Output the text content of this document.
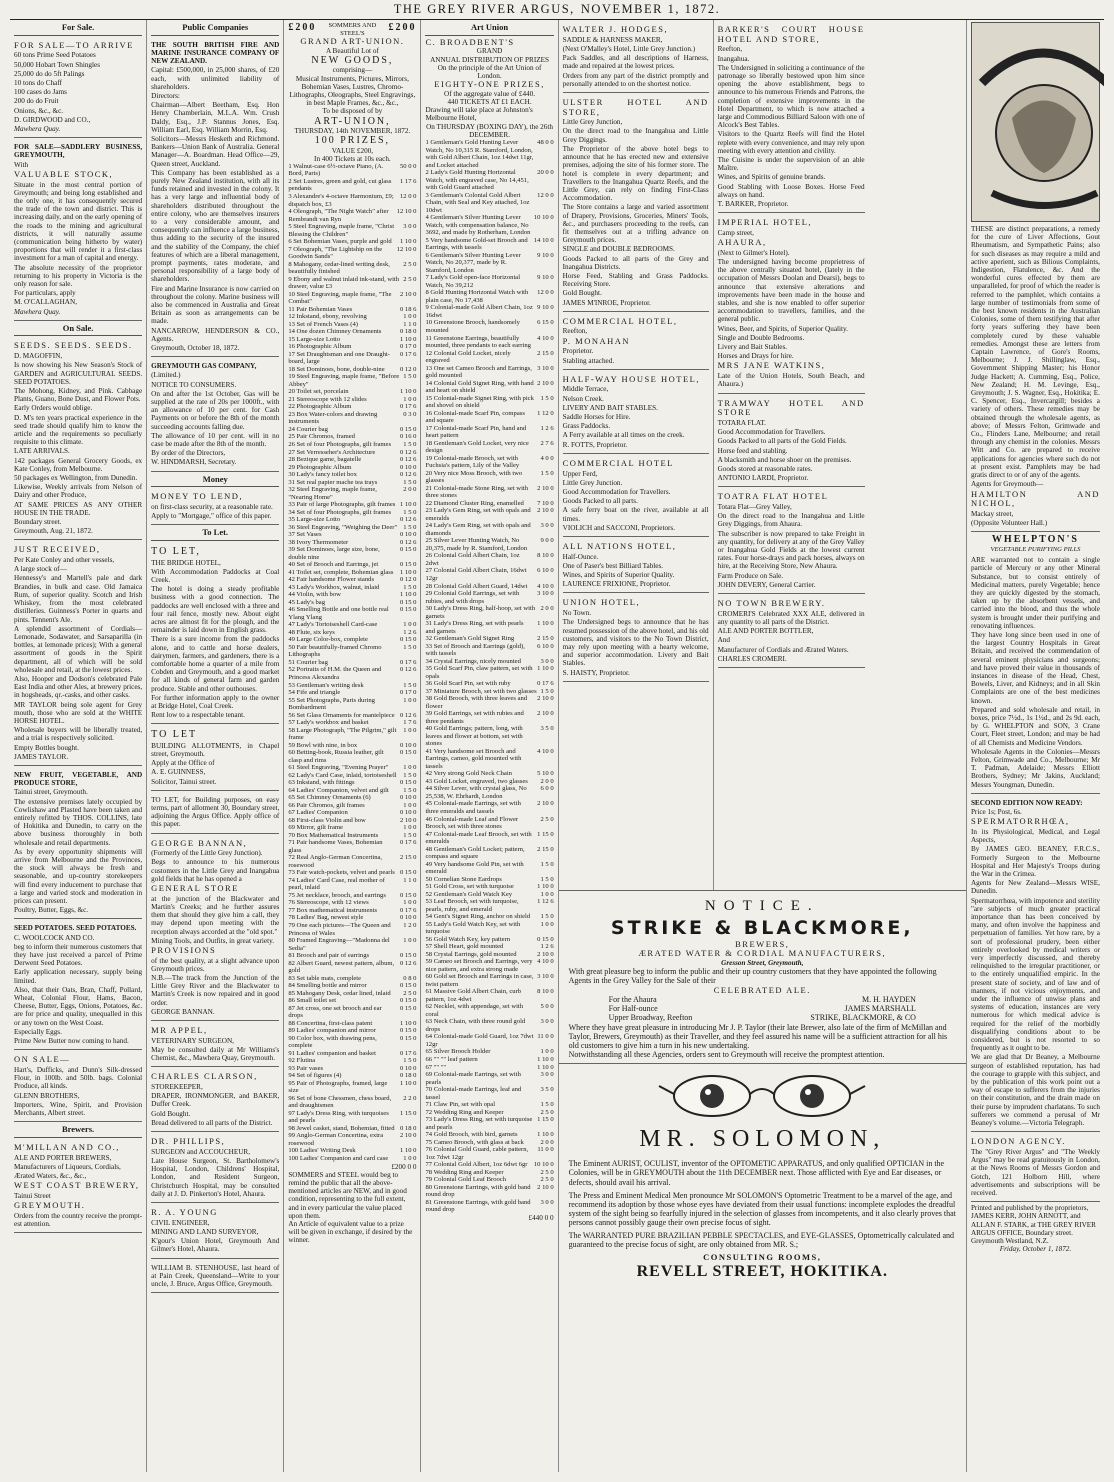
THE GREY RIVER ARGUS, NOVEMBER 1, 1872.
For Sale.

FOR SALE—TO ARRIVE

60 tons Prime Seed Potatoes

50,000 Hobart Town Shingles

25,000 do do 5ft Palings

10 tons do Chaff

100 cases do Jams

200 do do Fruit

Onions, &c., &c.

D. GIRDWOOD and CO.,

Mawhera Quay.

FOR SALE—SADDLERY BUSINESS, GREYMOUTH,

With

VALUABLE STOCK,

Situate in the most central portion of Greymouth; and being long established and the only one, it has consequently secured the trade of the town and district. This is increasing daily, and on the early opening of the roads to the mining and agricultural districts, it will naturally assume (communication being hitherto by water) proportions that will render it a first-class investment for a man of capital and energy.

The absolute necessity of the proprietor returning to his property in Victoria is the only reason for sale.

For particulars, apply

M. O'CALLAGHAN,

Mawhera Quay.

On Sale.

SEEDS. SEEDS. SEEDS.

D. MAGOFFIN,

Is now showing his New Season's Stock of GARDEN and AGRICULTURAL SEEDS. SEED POTATOES.

The Mohong, Kidney, and Pink. Cabbage Plants, Guano, Bone Dust, and Flower Pots.

Early Orders would oblige.

D. M's ten years practical experience in the seed trade should qualify him to know the article and the requirements so peculiarly requisite to this climate.

LATE ARRIVALS.

142 packages General Grocery Goods, ex Kate Conley, from Melbourne.

50 packages ex Wellington, from Dunedin.

Likewise, Weekly arrivals from Nelson of Dairy and other Produce,

AT SAME PRICES AS ANY OTHER HOUSE IN THE TRADE.

Boundary street.

Greymouth, Aug. 21, 1872.

JUST RECEIVED,

Per Kate Conley and other vessels,

A large stock of—

Hennessy's and Martell's pale and dark Brandies, in bulk and case. Old Jamaica Rum, of superior quality. Scotch and Irish Whiskey, from the most celebrated distilleries. Guinness's Porter in quarts and pints. Tennent's Ale.

A splendid assortment of Cordials—Lemonade, Sodawater, and Sarsaparilla (in bottles, at lemonade prices); With a general assortment of goods in the Spirit department, all of which will be sold wholesale and retail, at the lowest prices.

Also, Hooper and Dodson's celebrated Pale East India and other Ales, at brewery prices, in hogsheads, qr.-casks, and other casks.

MR TAYLOR being sole agent for Grey mouth, those who are sold at the WHITE HORSE HOTEL.

Wholesale buyers will be liberally treated, and a trial is respectively solicited.

Empty Bottles bought.

JAMES TAYLOR.

NEW FRUIT, VEGETABLE, AND PRODUCE STORE,

Tainui street, Greymouth.

The extensive premises lately occupied by Cowlishaw and Plasted have been taken and entirely refitted by THOS. COLLINS, late of Hokitika and Dunedin, to carry on the above business thoroughly in both wholesale and retail departments.

As by every opportunity shipments will arrive from Melbourne and the Provinces, the stock will always be fresh and seasonable, and up-country storekeepers will find every inducement to purchase that a large and varied stock and moderation in prices can present.

Poultry, Butter, Eggs, &c.

SEED POTATOES. SEED POTATOES.

C. WOOLCOCK AND CO.

beg to inform their numerous customers that they have just received a parcel of Prime Derwent Seed Potatoes.

Early application necessary, supply being limited.

Also, that their Oats, Bran, Chaff, Pollard, Wheat, Colonial Flour, Hams, Bacon, Cheese, Butter, Eggs, Onions, Potatoes, &c. are for price and quality, unequalled in this or any town on the West Coast.

Especially Eggs.

Prime New Butter now coming to hand.

ON SALE—

Hart's, Dufficks, and Dunn's Silk-dressed Flour, in 100lb. and 50lb. bags. Colonial Produce, all kinds.

GLENN BROTHERS,

Importers, Wine, Spirit, and Provision Merchants, Albert street.

Brewers.

M'MILLAN AND CO.,

ALE AND PORTER BREWERS,

Manufacturers of Liqueurs, Cordials,

Ærated Waters, &c., &c.,

WEST COAST BREWERY,

Tainui Street

GREYMOUTH.

Orders from the country receive the prompt-est attention.

Public Companies

THE SOUTH BRITISH FIRE AND MARINE INSURANCE COMPANY OF NEW ZEALAND.

Capital: £500,000, in 25,000 shares, of £20 each, with unlimited liability of shareholders.

Directors:

Chairman—Albert Beetham, Esq. Hon Henry Chamberlain, M.L.A. Wm. Crush Daldy, Esq., J.P. Stannus Jones, Esq. William Earl, Esq. William Morrin, Esq.

Solicitors—Messrs Hesketh and Richmond. Bankers—Union Bank of Australia. General Manager—A. Boardman. Head Office—29, Queen street, Auckland.

This Company has been established as a purely New Zealand institution, with all its funds retained and invested in the colony. It has a very large and influential body of shareholders distributed throughout the entire colony, who are themselves insurers to a very considerable amount, and consequently can influence a large business, thus adding to the security of the insured and the stability of the Company, the chief features of which are a liberal management, prompt payments, rates moderate, and personal responsibility of a large body of shareholders.

Fire and Marine Insurance is now carried on throughout the colony. Marine business will also be commenced in Australia and Great Britain as soon as arrangements can be made.

NANCARROW, HENDERSON & CO., Agents.

Greymouth, October 18, 1872.

GREYMOUTH GAS COMPANY,

(Limited.)

NOTICE TO CONSUMERS.

On and after the 1st October, Gas will be supplied at the rate of 20s per 1000ft., with an allowance of 10 per cent. for Cash Payments on or before the 8th of the month succeeding accounts falling due.

The allowance of 10 per cent. will in no case be made after the 8th of the month.

By order of the Directors,

W. HINDMARSH, Secretary.

Money

MONEY TO LEND,

on first-class security, at a reasonable rate.

Apply to "Mortgage," office of this paper.

To Let.

TO LET,

THE BRIDGE HOTEL,

With Accommodation Paddocks at Coal Creek.

The hotel is doing a steady profitable business with a good connection. The paddocks are well enclosed with a three and four rail fence, mostly new. About eight acres are almost fit for the plough, and the remainder is laid down in English grass.

There is a sure income from the paddocks alone, and to cattle and horse dealers, dairymen, farmers, and gardeners, there is a comfortable home a quarter of a mile from Cobden and Greymouth, and a good market for all kinds of general farm and garden produce. Stable and other outhouses.

For further information apply to the owner at Bridge Hotel, Coal Creek.

Rent low to a respectable tenant.

TO LET

BUILDING ALLOTMENTS, in Chapel street, Greymouth.

Apply at the Office of

A. E. GUINNESS,

Solicitor, Tainui street.

TO LET, for Building purposes, on easy terms, part of allotment 30, Boundary street, adjoining the Argus Office. Apply office of this paper.

GEORGE BANNAN,

(Formerly of the Little Grey Junction).

Begs to announce to his numerous customers in the Little Grey and Inangahua gold fields that he has opened a

GENERAL STORE

at the junction of the Blackwater and Martin's Creeks; and he further assures them that should they give him a call, they may depend upon meeting with the reception always accorded at the "old spot."

Mining Tools, and Outfits, in great variety.

PROVISIONS

of the best quality, at a slight advance upon Greymouth prices.

N.B.—The track from the Junction of the Little Grey River and the Blackwater to Martin's Creek is now repaired and in good order.

GEORGE BANNAN.

MR APPEL,

VETERINARY SURGEON,

May be consulted daily at Mr Williams's Chemist, &c., Mawhera Quay, Greymouth.

CHARLES CLARSON,

STOREKEEPER,

DRAPER, IRONMONGER, and BAKER, Duffer Creek.

Gold Bought.

Bread delivered to all parts of the District.

DR. PHILLIPS,

SURGEON and ACCOUCHEUR,

Late House Surgeon, St. Bartholomew's Hospital, London, Childrens' Hospital, London, and Resident Surgeon, Christchurch Hospital, may be consulted daily at J. D. Pinkerton's Hotel, Ahaura.

R. A. YOUNG

CIVIL ENGINEER,

MINING AND LAND SURVEYOR,

K'gour's Union Hotel, Greymouth And Gilmer's Hotel, Ahaura.

WILLIAM B. STENHOUSE, last heard of at Pain Creek, Queensland—Write to your uncle, J. Bruce, Argus Office, Greymouth.

£200	SOMMERS AND STEEL'S
£200

GRAND ART-UNION.

A Beautiful Lot of

NEW GOODS,

comprising—

Musical Instruments, Pictures, Mirrors, Bohemian Vases, Lustres, Chromo-Lithographs, Oleographs, Steel Engravings, in best Maple Frames, &c., &c.,

To be disposed of by

ART-UNION,

THURSDAY, 14th NOVEMBER, 1872.

100 PRIZES,

VALUE £200,

In 400 Tickets at 10s each.

1 Walnut-case 6½-octave Piano, (A. Bord, Paris)
50 0 0
2 Set Lustres, green and gold, cut glass pendants
1 17 6
3 Alexandre's 4-octave Harmonium, £9; dispatch box, £3
12 0 0
4 Oleograph, "The Night Watch" after Rembrandt van Ryn
12 10 0
5 Steel Engraving, maple frame, "Christ Blessing the Children"
3 0 0
6 Set Bohemian Vases, purple and gold	1 10 0
7 Oleograph, "The Lightship on the Goodwin Sands"
12 10 0
8 Mahogany, cedar-lined writing desk, beautifully finished
2 5 0
9 Ebony and walnut inlaid ink-stand, with drawer, value £3
2 5 0
10 Steel Engraving, maple frame, "The Combat"
2 10 0
11 Pair Bohemian Vases	0 18 6
12 Inkstand, ebony, revolving	1 0 0
13 Set of French Vases (4)	1 1 0
14 One dozen Chimney Ornaments	0 18 0
15 Large-size Lotto	1 10 0
16 Photographic Album	0 17 0
17 Set Draughtsman and one Draught-board, large
0 17 6
18 Set Dominoes, bone, double-nine	0 12 0
19 Steel Engraving, maple frame, "Before Abbey"
1 5 0
20 Toilet set, porcelain	1 10 0
21 Stereoscope with 12 slides	1 0 0
22 Photographic Album	0 17 6
23 Box Water-colors and drawing instruments
0 3 0
24 Courier bag	0 15 0
25 Pair Chromos, framed	0 16 0
26 Set of four Photographs, gilt frames	1 5 0
27 Set Verresseher's Architecture	0 12 6
28 Bezique game, bagatelle	0 12 6
29 Photographic Album	0 10 0
30 Lady's fancy toilet box	0 12 6
31 Set real papier mache tea trays	1 5 0
32 Steel Engraving, maple frame, "Nearing Home"
2 0 0
33 Pair of large Photographs, gilt frames 1 10 0
34 Set of four Photographs, gilt frames	1 5 0
35 Large-size Lotto	0 12 6
36 Steel Engraving, "Weighing the Deer" 1 5 0
37 Set Vases	0 10 0
38 Ivory Thermometer	0 12 6
39 Set Dominoes, large size, bone, double nine
0 15 0
40 Set of Brooch and Earrings, jet	0 15 0
41 Toilet set, complete, Bohemian glass 1 10 0
42 Fair handsome Flower stands	0 12 0
43 Lady's Workbox, walnut, inlaid	1 5 0
44 Violin, with bow	1 10 0
45 Lady's bag	0 15 0
46 Smelling Bottle and one bottle real Ylang Ylang
0 15 0
47 Lady's Tortoiseshell Card-case	1 0 0
48 Flute, six keys	1 2 6
49 Large Color-box, complete	0 15 0
50 Fair beautifully-framed Chromo Lithographs
1 5 0
51 Courier bag	0 17 6
52 Portraits of H.M. the Queen and Princess Alexandra
0 12 6
53 Gentleman's writing desk	1 5 0
54 Fife and triangle	0 17 0
55 Set Photographs, Paris during Bombardment
1 0 0
56 Set Glass Ornaments for mantelpiece 0 12 6
57 Lady's workbox and basket	1 7 6
58 Large Photograph, "The Pilgrim," gilt frame
1 0 0
59 Bowl with nine, in box	0 10 0
60 Betting-book, Russia leather, gilt clasp and rims
0 15 0
61 Steel Engraving, "Evening Prayer"	1 0 0
62 Lady's Card Case, inlaid, tortoiseshell	1 5 0
63 Inkstand, with fittings	0 15 0
64 Ladies' Companion, velvet and gilt	1 5 0
65 Set Chimney Ornaments (6)	0 10 0
66 Pair Chromos, gilt frames	1 0 0
67 Ladies' Companion	0 10 0
68 First-class Violin and bow	2 10 0
69 Mirror, gilt frame	1 0 0
70 Box Mathematical Instruments	1 5 0
71 Pair handsome Vases, Bohemian glass
0 17 6
72 Real Anglo-German Concertina, rosewood
2 15 0
73 Fair watch-pockets, velvet and pearls 0 15 0
74 Ladies' Card Case, real mother of pearl, inlaid
1 1 0
75 Jet necklace, brooch, and earrings	0 15 0
76 Stereoscope, with 12 views	1 0 0
77 Box mathematical instruments	0 17 6
78 Ladies' Bag, newest style	0 10 0
79 One each pictures—The Queen and Princess of Wales
1 2 0
80 Framed Engraving—"Madonna del Sedia"
1 0 0
81 Brooch and pair of earrings	0 15 0
82 Albert Guard, newest pattern, album, gold
0 12 6
83 Set table mats, complete	0 8 0
84 Smelling bottle and mirror	0 15 0
85 Mahogany Desk, cedar lined, inlaid	2 5 0
86 Small toilet set	0 15 0
87 Jet cross, one set brooch and ear drops
0 15 0
88 Concertina, first-class patent	1 10 0
89 Ladies' companion and mirror	0 15 0
90 Color box, with drawing pens, complete
0 15 0
91 Ladies' companion and basket	0 17 6
92 Flutina	1 5 0
93 Pair vases	0 10 0
94 Set of figures (4)	0 18 0
95 Pair of Photographs, framed, large size
1 10 0
96 Set of bone Chessmen, chess board, and draughtsmen
2 2 0
97 Lady's Dress Ring, with turquoises and pearls
1 15 0
98 Jewel casket, stand, Bohemian, fitted 0 18 0
99 Anglo-German Concertina, extra rosewood
2 10 0
100 Ladies' Writing Desk	1 10 0
100 Ladies' Companion and card case	1 0 0

£200 0 0

SOMMERS and STEEL would beg to remind the public that all the above-mentioned articles are NEW, and in good condition, representing to the full extent, and in every particular the value placed upon them.

An Article of equivalent value to a prize will be given in exchange, if desired by the winner.

Art Union

C. BROADBENT'S

GRAND

ANNUAL DISTRIBUTION OF PRIZES

On the principle of the Art Union of London.

EIGHTY-ONE PRIZES,

Of the aggregate value of £440.

440 TICKETS AT £1 EACH.

Drawing will take place at Johnston's Melbourne Hotel,

On THURSDAY (BOXING DAY), the 26th DECEMBER.

1 Gentleman's Gold Hunting Lever Watch, No 10,315 R. Stamford, London, with Gold Albert Chain, 1oz 14dwt 11gr, and Locket attached
48 0 0
2 Lady's Gold Hunting Horizontal Watch, with engraved case, No 14,451, with Gold Guard attached
20 0 0
3 Gentleman's Colonial Gold Albert Chain, with Seal and Key attached, 1oz 10dwt
12 0 0
4 Gentleman's Silver Hunting Lever Watch, with compensation balance, No 3692, and made by Rotherham, London
10 10 0
5 Very handsome Gold-set Brooch and Earrings, with tassels
14 10 0
6 Gentleman's Silver Hunting Lever Watch, No 20,377, made by R. Stamford, London
9 10 0
7 Lady's Gold open-face Horizontal Watch, No 39,212
9 10 0
8 Gold Hunting Horizontal Watch with plain case, No 17,438
12 0 0
9 Colonial-made Gold Albert Chain, 1oz 16dwt
9 10 0
10 Greenstone Brooch, handsomely mounted
6 15 0
11 Greenstone Earrings, beautifully mounted, three pendants to each earring
4 10 0
12 Colonial Gold Locket, nicely engraved
2 15 0
13 One set Cameo Brooch and Earrings, gold mounted
3 10 0
14 Colonial Gold Signet Ring, with hand and heart on shield
2 10 0
15 Colonial-made Signet Ring, with pick and shovel on shield
1 5 0
16 Colonial-made Scarf Pin, compass and square
1 12 0
17 Colonial-made Scarf Pin, hand and heart pattern
1 2 6
18 Gentleman's Gold Locket, very nice design
2 7 6
19 Colonial-made Brooch, set with Fuchsia's pattern, Lily of the Valley
4 0 0
20 Very nice Moss Brooch, with two glasses
1 5 0
21 Colonial-made Stone Ring, set with three stones
2 10 0
22 Diamond Cluster Ring, enamelled	7 10 0
23 Lady's Gem Ring, set with opals and emeralds
2 10 0
24 Lady's Gem Ring, set with opals and diamonds
3 0 0
25 Silver Lever Hunting Watch, No 20,375, made by R. Stamford, London
9 0 0
26 Colonial Gold Albert Chain, 1oz 2dwt
8 10 0
27 Colonial Gold Albert Chain, 16dwt 12gr
6 10 0
28 Colonial Gold Albert Guard, 14dwt	4 10 0
29 Colonial Gold Earrings, set with rubies, and with drops
3 10 0
30 Lady's Dress Ring, half-hoop, set with garnets
2 0 0
31 Lady's Dress Ring, set with pearls and garnets
1 10 0
32 Gentleman's Gold Signet Ring	2 15 0
33 Set of Brooch and Earrings (gold), with tassels
6 10 0
34 Crystal Earrings, nicely mounted	3 0 0
35 Gold Scarf Pin, claw pattern, set with opals
1 10 0
36 Gold Scarf Pin, set with ruby	0 17 6
37 Miniature Brooch, set with two glasses 1 5 0
38 Gold Brooch, with three leaves and flower
2 10 0
39 Gold Earrings, set with rubies and three pendants
2 10 0
40 Gold Earrings; pattern, long, with leaves and flower at bottom, set with stones
3 5 0
41 Very handsome set Brooch and Earrings, cameo, gold mounted with tassels
4 10 0
42 Very strong Gold Neck Chain	5 10 0
43 Gold Locket, engraved, two glasses	2 0 0
44 Silver Lever, with crystal glass, No 25,538, W. Ehrhardt, London
6 0 0
45 Colonial-made Earrings, set with three emeralds and tassels
2 10 0
46 Colonial-made Leaf and Flower Brooch, set with three stones
2 5 0
47 Colonial-made Leaf Brooch, set with emeralds
1 15 0
48 Gentleman's Gold Locket; pattern, compass and square
2 15 0
49 Very handsome Gold Pin, set with emerald
1 5 0
50 Cornelian Stone Eardrops	1 5 0
51 Gold Cross, set with turquoise	1 10 0
52 Gentleman's Gold Watch Key	1 0 0
53 Leaf Brooch, set with turquoise, pearls, ruby, and emerald
1 12 6
54 Gent's Signet Ring, anchor on shield	1 5 0
55 Lady's Gold Watch Key, set with turquoise
1 0 0
56 Gold Watch Key, key pattern	0 15 0
57 Shell Heart, gold mounted	1 2 6
58 Crystal Earrings, gold mounted	2 10 0
59 Cameo set Brooch and Earrings, very nice pattern, and extra strong made
4 10 0
60 Gold set Brooch and Earrings in case, twist pattern
3 10 0
61 Massive Gold Albert Chain, curb pattern, 1oz 4dwt
8 10 0
62 Necklet, with appendage, set with coral
5 0 0
63 Neck Chain, with three round gold drops
3 0 0
64 Colonial-made Gold Guard, 1oz 7dwt 12gr
11 0 0
65 Silver Brooch Holder	1 0 0
66 "" "" leaf pattern	1 10 0
67 "" ""	1 10 0
69 Colonial-made Earrings, set with pearls
3 0 0
70 Colonial-made Earrings, leaf and tassel
3 5 0
71 Claw Pin, set with opal	1 5 0
72 Wedding Ring and Keeper	2 5 0
73 Lady's Dress Ring, set with turquoise and pearls
1 15 0
74 Gold Brooch, with bird, garnets	1 10 0
75 Cameo Brooch, with glass at back	2 0 0
76 Colonial Gold Guard, cable pattern, 1oz 7dwt 12gr
11 0 0
77 Colonial Gold Albert, 1oz 6dwt 6gr 10 10 0
78 Wedding Ring and Keeper	2 5 0
79 Colonial Gold Leaf Brooch	2 5 0
80 Greenstone Earrings, with gold band round drop
2 10 0
81 Greenstone Earrings, with gold band round drop
3 0 0

£440 0 0

WALTER J. HODGES,

SADDLE & HARNESS MAKER,

(Next O'Malley's Hotel, Little Grey Junction.)

Pack Saddles, and all descriptions of Harness, made and repaired at the lowest prices.

Orders from any part of the district promptly and personally attended to on the shortest notice.

ULSTER HOTEL AND STORE,

Little Grey Junction,

On the direct road to the Inangahua and Little Grey Diggings.

The Proprietor of the above hotel begs to announce that he has erected new and extensive premises, adjoing the site of his former store. The hotel is complete in every department; and Travellers to the Inangahua Quartz Reefs, and the Little Grey, can rely on finding First-Class Accommodation.

The Store contains a large and varied assortment of Drapery, Provisions, Groceries, Miners' Tools, &c., and purchasers proceeding to the reefs, can fit themselves out at a trifling advance on Greymouth prices.

SINGLE and DOUBLE BEDROOMS.

Goods Packed to all parts of the Grey and Inangahua Districts.

Horse Feed, Stabling and Grass Paddocks. Receiving Store.

Gold Bought.

JAMES M'INROE, Proprietor.

COMMERCIAL HOTEL,

Reefton,

P. MONAHAN

Proprietor.

Stabling attached.

HALF-WAY HOUSE HOTEL,

Middle Terrace,

Nelson Creek.

LIVERY AND BAIT STABLES.

Saddle Horses for Hire.

Grass Paddocks.

A Ferry available at all times on the creek.

R. FOTTS, Proprietor.

COMMERCIAL HOTEL

Upper Ferd,

Little Grey Junction.

Good Accommodation for Travellers.

Goods Packed to all parts.

A safe ferry boat on the river, available at all times.

VIOLICH and SACCONI, Proprietors.

ALL NATIONS HOTEL,

Half-Ounce.

One of Paser's best Billiard Tables.

Wines, and Spirits of Superior Quality.

LAURENCE FRIXIONE, Proprietor.

UNION HOTEL,

No Town.

The Undersigned begs to announce that he has resumed possession of the above hotel, and his old customers, and visitors to the No Town District, may rely upon meeting with a hearty welcome, and superior accommodation. Livery and Bait Stables.

S. HAISTY, Proprietor.

BARKER'S COURT HOUSE HOTEL AND STORE,

Reefton,

Inangahua.

The Undersigned in soliciting a continuance of the patronage so liberally bestowed upon him since opening the above establishment, begs to announce to his numerous Friends and Patrons, the completion of extensive improvements in the Hotel Department, to which is now attached a large and Commodious Billiard Saloon with one of Alcock's Best Tables.

Visitors to the Quartz Reefs will find the Hotel replete with every convenience, and may rely upon meeting with every attention and civility.

The Cuisine is under the supervision of an able Maître.

Wines, and Spirits of genuine brands.

Good Stabling with Loose Boxes. Horse Feed always on hand.

T. BARKER, Proprietor.

IMPERIAL HOTEL,

Camp street,

AHAURA,

(Next to Gilmer's Hotel).

The undersigned having become proprietress of the above centrally situated hotel, (lately in the occupation of Messrs Doolan and Dearsi), begs to announce that extensive alterations and improvements have been made in the house and stables, and she is now enabled to offer superior accommodation to travellers, families, and the general public.

Wines, Beer, and Spirits, of Superior Quality.

Single and Double Bedrooms.

Livery and Bait Stables.

Horses and Drays for hire.

MRS JANE WATKINS,

Late of the Union Hotels, South Beach, and Ahaura.)

TRAMWAY HOTEL AND STORE

TOTARA FLAT.

Good Accommodation for Travellers.

Goods Packed to all parts of the Gold Fields.

Horse feed and stabling.

A blacksmith and horse shoer on the premises.

Goods stored at reasonable rates.

ANTONIO LARDI, Proprietor.

TOATRA FLAT HOTEL

Totara Flat—Grey Valley,

On the direct road to the Inangahua and Little Grey Diggings, from Ahaura.

The subscriber is now prepared to take Freight in any quantity, for delivery at any of the Grey Valley or Inangahua Gold Fields at the lowest current rates. Four horse-drays and pack horses, always on hire, at the Receiving Store, New Ahaura.

Farm Produce on Sale.

JOHN DEVERY, General Carrier.

NO TOWN BREWERY.

CROMERI'S Celebrated XXX ALE, delivered in any quantity to all parts of the District.

ALE AND PORTER BOTTLER,

And

Manufacturer of Cordials and Ærated Waters.

CHARLES CROMERI.

NOTICE.

STRIKE & BLACKMORE,

BREWERS,

ÆRATED WATER & CORDIAL MANUFACTURERS,

Gresson Street, Greymouth,

With great pleasure beg to inform the public and their up country customers that they have appointed the following Agents in the Grey Valley for the Sale of their

CELEBRATED ALE.

For the Ahaura	M. H. HAYDEN
For Half-ounce	JAMES MARSHALL
Upper Broadway, Reefton	STRIKE, BLACKMORE, & CO

Where they have great pleasure in introducing Mr J. P. Taylor (their late Brewer, also late of the firm of McMillan and Taylor, Brewers, Greymouth) as their Traveller, and they feel assured his name will be a sufficient attraction for all his old customers to give him a turn in his new undertaking.

Notwithstanding all these Agencies, orders sent to Greymouth will receive the promptest attention.

MR. SOLOMON,

The Eminent AURIST, OCULIST, inventor of the OPTOMETIC APPARATUS, and only qualified OPTICIAN in the Colonies, will be in GREYMOUTH about the 11th DECEMBER next. Those afflicted with Eye and Ear diseases, or defects, should avail his arrival.

The Press and Eminent Medical Men pronounce Mr SOLOMON'S Optometric Treatment to be a marvel of the age, and recommend its adoption by those whose eyes have deviated from their usual functions: incomplete explodes the dreadful system of the sight being so fearfully injured in the selection of glasses from incompetents, and it also clearly proves that persons cannot possibly gauge their own precise focus of sight.

The WARRANTED PURE BRAZILIAN PEBBLE SPECTACLES, and EYE-GLASSES, Optometrically calculated and guaranteed to the precise focus of sight, are only obtained from MR. S.;

CONSULTING ROOMS,

REVELL STREET, HOKITIKA.

THESE are distinct preparations, a remedy for the cure of Liver Affections, Gout Rheumatism, and Sympathetic Pains; also for such diseases as may require a mild and active aperient, such as Bilious Complaints, Indigestion, Flatulence, &c. And the wonderful cures effected by them are unparalleled, for proof of which the reader is referred to the pamphlet, which contains a large number of testimonials from some of the best known residents in the Australian Colonies, some of them testifying that after forty years suffering they have been completely cured by these valuable remedies. Amongst these are letters from Captain Lawrence, of Gore's Rooms, Melbourne; J. J. Shillinglaw, Esq., Government Shipping Master; his Honor Judge Hackett; A. Cumming, Esq., Police, New Zealand; H. M. Levinge, Esq., Greymouth; J. S. Wagner, Esq., Hokitika; E. C. Spencer, Esq., Invercargill; besides a variety of others. These remedies may be obtained through the wholesale agents, as above; of Messrs Felton, Grimwade and Co., Flinders Lane, Melbourne; and retail through any chemist in the colonies. Messrs Witt and Co. are prepared to receive applications for agencies where such do not at present exist. Pamphlets may be had gratis direct to or of any of the agents.

Agents for Greymouth—

HAMILTON AND NICHOL,

Mackay street,

(Opposite Volunteer Hall.)

WHELPTON'S

VEGETABLE PURIFYING PILLS

ARE warranted not to contain a single particle of Mercury or any other Mineral Substance, but to consist entirely of Medicinal matters, purely Vegetable; hence they are quickly digested by the stomach, taken up by the absorbent vessels, and carried into the blood, and thus the whole system is brought under their purifying and renovating influences.

They have long since been used in one of the largest Country Hospitals in Great Britain, and received the commendation of several eminent physicians and surgeons; and have proved their value in thousands of instances in disease of the Head, Chest, Bowels, Liver, and Kidneys; and in all Skin Complaints are one of the best medicines known.

Prepared and sold wholesale and retail, in boxes, price 7½d., 1s 1½d., and 2s 9d. each, by G. WHELPTON and SON, 3 Crane Court, Fleet street, London; and may be had of all Chemists and Medicine Vendors.

Wholesale Agents in the Colonies—Messrs Felton, Grimwade and Co., Melbourne; Mr T. Padman, Adelaide; Messrs Elliott Brothers, Sydney; Mr Jakins, Auckland; Messrs Youngman, Dunedin.

SECOND EDITION NOW READY:

Price 1s; Post, 6s.

SPERMATORRHŒA,

In its Physiological, Medical, and Legal Aspects,

By JAMES GEO. BEANEY, F.R.C.S., Formerly Surgeon to the Melbourne Hospital and Her Majesty's Troops during the War in the Crimea.

Agents for New Zealand—Messrs WISE, Dunedin.

Spermatorrhœa, with impotence and sterility "are subjects of much greater practical importance than has been conceived by many, and often involve the happiness and perpetuation of families. Yet how rare, by a sort of professional prudery, been either entirely overlooked by medical writers or very imperfectly discussed, and thereby relinquished to the irregular practitioner, or to the entirely unqualified empiric. In the present state of society, and of law and of manners, if not vicious enjoyments, and under the influence of unwise plans and systems of education, instances are very numerous for which medical advice is required for the relief of the morbidly disqualifying conditions about to be considered, but is not resorted to so frequently as it ought to be.

We are glad that Dr Beaney, a Melbourne surgeon of established reputation, has had the courage to grapple with this subject, and by the publication of this work point out a way of escape to sufferers from the injuries on their constitution, and the drain made on their purse by imprudent charlatans. To such sufferers we commend a perusal of Mr Beaney's volume.—Victoria Telegraph.

LONDON AGENCY.

The "Grey River Argus" and "The Weekly Argus" may be read gratuitously in London, at the News Rooms of Messrs Gordon and Gotch, 121 Holborn Hill, where advertisements and subscriptions will be received.

Printed and published by the proprietors, JAMES KERR, JOHN ARNOTT, and ALLAN F. STARK, at THE GREY RIVER ARGUS OFFICE, Boundary street. Greymouth Westland, N.Z.

Friday, October 1, 1872.
